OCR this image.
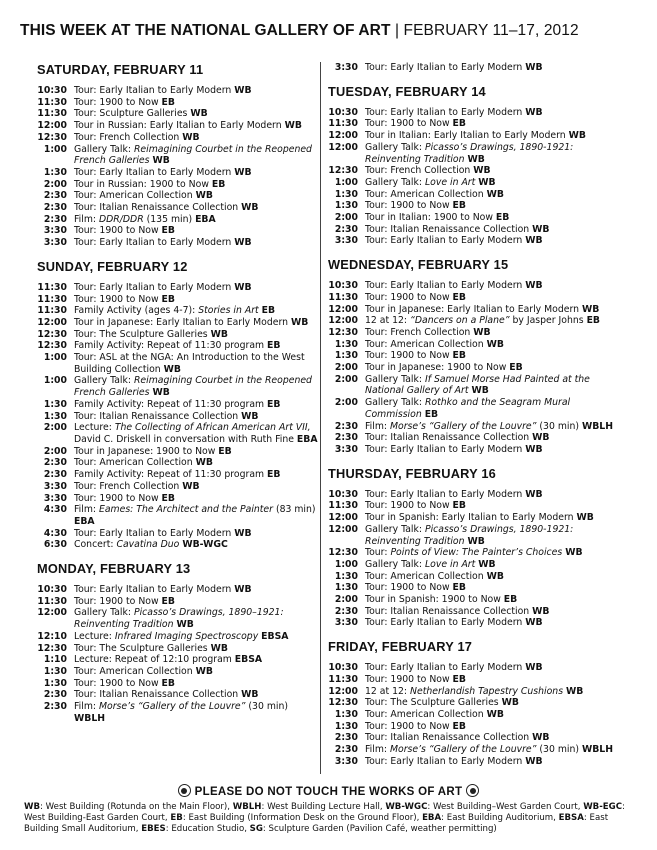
THIS WEEK AT THE NATIONAL GALLERY OF ART | FEBRUARY 11–17, 2012
SATURDAY, FEBRUARY 11
10:30 Tour: Early Italian to Early Modern WB
11:30 Tour: 1900 to Now EB
11:30 Tour: Sculpture Galleries WB
12:00 Tour in Russian: Early Italian to Early Modern WB
12:30 Tour: French Collection WB
1:00 Gallery Talk: Reimagining Courbet in the Reopened French Galleries WB
1:30 Tour: Early Italian to Early Modern WB
2:00 Tour in Russian: 1900 to Now EB
2:30 Tour: American Collection WB
2:30 Tour: Italian Renaissance Collection WB
2:30 Film: DDR/DDR (135 min) EBA
3:30 Tour: 1900 to Now EB
3:30 Tour: Early Italian to Early Modern WB
SUNDAY, FEBRUARY 12
11:30 Tour: Early Italian to Early Modern WB
11:30 Tour: 1900 to Now EB
11:30 Family Activity (ages 4-7): Stories in Art EB
12:00 Tour in Japanese: Early Italian to Early Modern WB
12:30 Tour: The Sculpture Galleries WB
12:30 Family Activity: Repeat of 11:30 program EB
1:00 Tour: ASL at the NGA: An Introduction to the West Building Collection WB
1:00 Gallery Talk: Reimagining Courbet in the Reopened French Galleries WB
1:30 Family Activity: Repeat of 11:30 program EB
1:30 Tour: Italian Renaissance Collection WB
2:00 Lecture: The Collecting of African American Art VII, David C. Driskell in conversation with Ruth Fine EBA
2:00 Tour in Japanese: 1900 to Now EB
2:30 Tour: American Collection WB
2:30 Family Activity: Repeat of 11:30 program EB
3:30 Tour: French Collection WB
3:30 Tour: 1900 to Now EB
4:30 Film: Eames: The Architect and the Painter (83 min) EBA
4:30 Tour: Early Italian to Early Modern WB
6:30 Concert: Cavatina Duo WB-WGC
MONDAY, FEBRUARY 13
10:30 Tour: Early Italian to Early Modern WB
11:30 Tour: 1900 to Now EB
12:00 Gallery Talk: Picasso’s Drawings, 1890–1921: Reinventing Tradition WB
12:10 Lecture: Infrared Imaging Spectroscopy EBSA
12:30 Tour: The Sculpture Galleries WB
1:10 Lecture: Repeat of 12:10 program EBSA
1:30 Tour: American Collection WB
1:30 Tour: 1900 to Now EB
2:30 Tour: Italian Renaissance Collection WB
2:30 Film: Morse’s “Gallery of the Louvre” (30 min) WBLH
3:30 Tour: Early Italian to Early Modern WB
TUESDAY, FEBRUARY 14
10:30 Tour: Early Italian to Early Modern WB
11:30 Tour: 1900 to Now EB
12:00 Tour in Italian: Early Italian to Early Modern WB
12:00 Gallery Talk: Picasso’s Drawings, 1890-1921: Reinventing Tradition WB
12:30 Tour: French Collection WB
1:00 Gallery Talk: Love in Art WB
1:30 Tour: American Collection WB
1:30 Tour: 1900 to Now EB
2:00 Tour in Italian: 1900 to Now EB
2:30 Tour: Italian Renaissance Collection WB
3:30 Tour: Early Italian to Early Modern WB
WEDNESDAY, FEBRUARY 15
10:30 Tour: Early Italian to Early Modern WB
11:30 Tour: 1900 to Now EB
12:00 Tour in Japanese: Early Italian to Early Modern WB
12:00 12 at 12: “Dancers on a Plane” by Jasper Johns EB
12:30 Tour: French Collection WB
1:30 Tour: American Collection WB
1:30 Tour: 1900 to Now EB
2:00 Tour in Japanese: 1900 to Now EB
2:00 Gallery Talk: If Samuel Morse Had Painted at the National Gallery of Art WB
2:00 Gallery Talk: Rothko and the Seagram Mural Commission EB
2:30 Film: Morse’s “Gallery of the Louvre” (30 min) WBLH
2:30 Tour: Italian Renaissance Collection WB
3:30 Tour: Early Italian to Early Modern WB
THURSDAY, FEBRUARY 16
10:30 Tour: Early Italian to Early Modern WB
11:30 Tour: 1900 to Now EB
12:00 Tour in Spanish: Early Italian to Early Modern WB
12:00 Gallery Talk: Picasso’s Drawings, 1890-1921: Reinventing Tradition WB
12:30 Tour: Points of View: The Painter’s Choices WB
1:00 Gallery Talk: Love in Art WB
1:30 Tour: American Collection WB
1:30 Tour: 1900 to Now EB
2:00 Tour in Spanish: 1900 to Now EB
2:30 Tour: Italian Renaissance Collection WB
3:30 Tour: Early Italian to Early Modern WB
FRIDAY, FEBRUARY 17
10:30 Tour: Early Italian to Early Modern WB
11:30 Tour: 1900 to Now EB
12:00 12 at 12: Netherlandish Tapestry Cushions WB
12:30 Tour: The Sculpture Galleries WB
1:30 Tour: American Collection WB
1:30 Tour: 1900 to Now EB
2:30 Tour: Italian Renaissance Collection WB
2:30 Film: Morse’s “Gallery of the Louvre” (30 min) WBLH
3:30 Tour: Early Italian to Early Modern WB
PLEASE DO NOT TOUCH THE WORKS OF ART
WB: West Building (Rotunda on the Main Floor), WBLH: West Building Lecture Hall, WB-WGC: West Building–West Garden Court, WB-EGC: West Building-East Garden Court, EB: East Building (Information Desk on the Ground Floor), EBA: East Building Auditorium, EBSA: East Building Small Auditorium, EBES: Education Studio, SG: Sculpture Garden (Pavilion Café, weather permitting)
